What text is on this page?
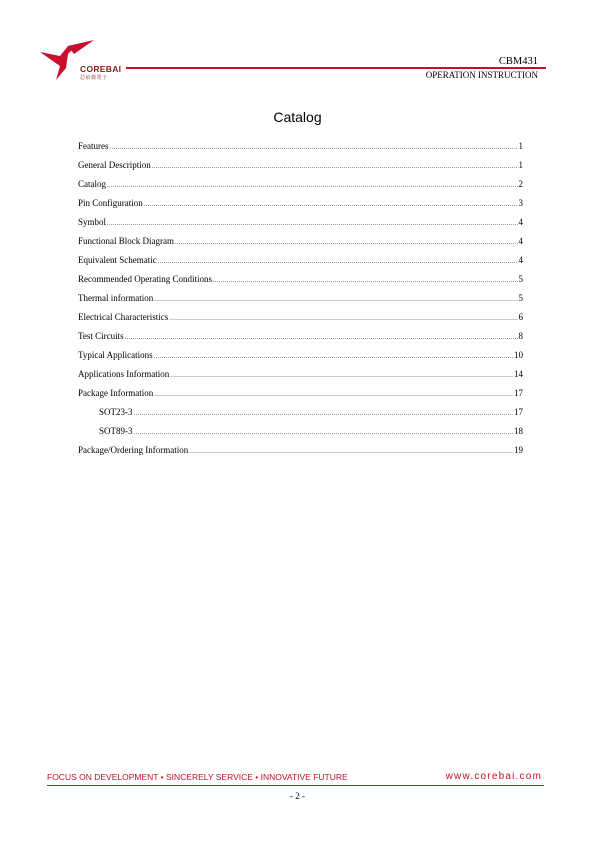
COREBAI
芯佰微電子
CBM431
OPERATION INSTRUCTION
Catalog
Features .....	1
General Description .....	1
Catalog .....	2
Pin Configuration .....	3
Symbol .....	4
Functional Block Diagram .....	4
Equivalent Schematic .....	4
Recommended Operating Conditions .....	5
Thermal information .....	5
Electrical Characteristics .....	6
Test Circuits .....	8
Typical Applications .....	10
Applications Information .....	14
Package Information .....	17
SOT23-3 .....	17
SOT89-3 .....	18
Package/Ordering Information .....	19
FOCUS ON DEVELOPMENT • SINCERELY SERVICE • INNOVATIVE FUTURE	www.corebai.com
- 2 -
